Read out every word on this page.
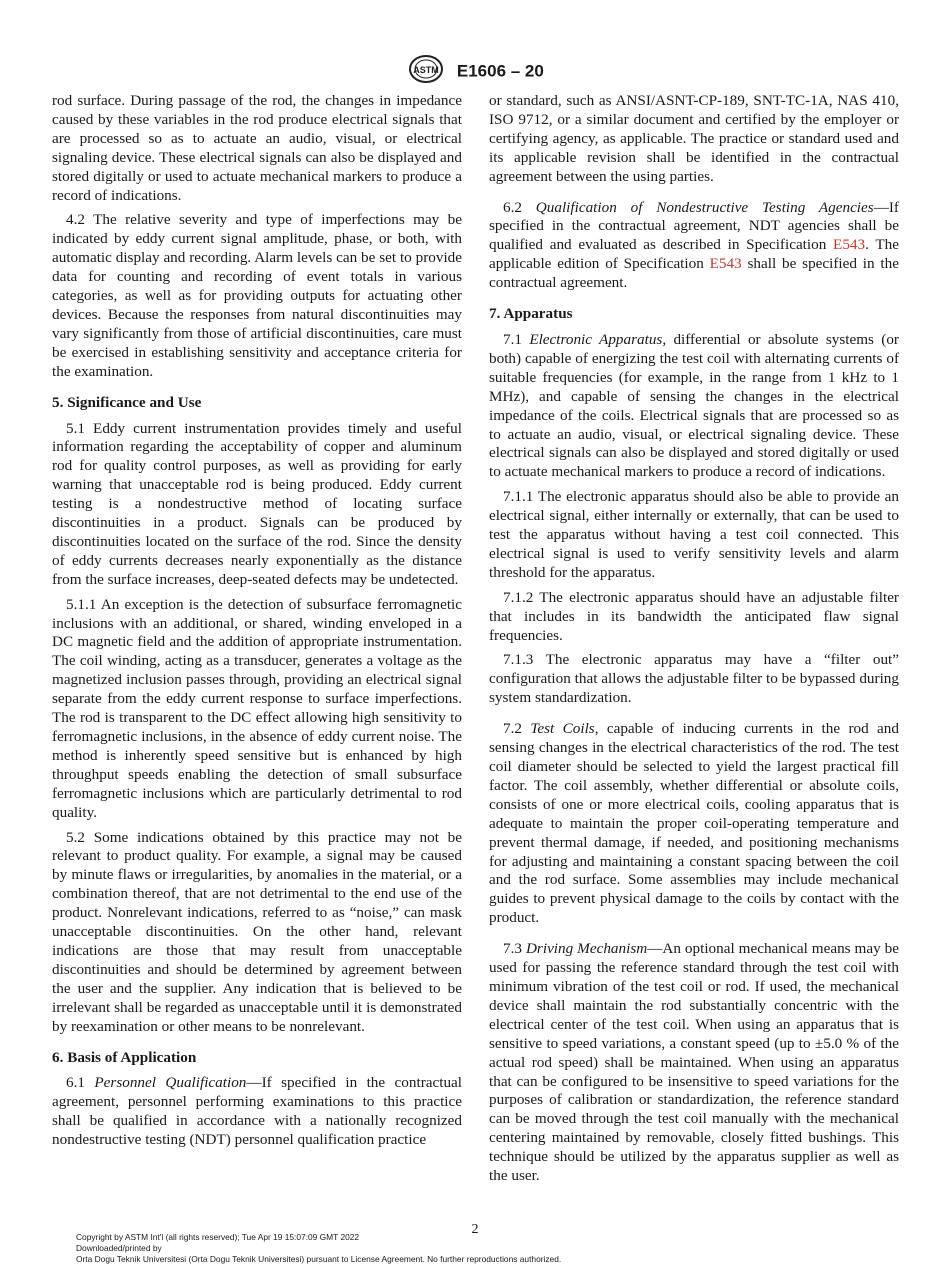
ASTM E1606 – 20

rod surface. During passage of the rod, the changes in impedance caused by these variables in the rod produce electrical signals that are processed so as to actuate an audio, visual, or electrical signaling device. These electrical signals can also be displayed and stored digitally or used to actuate mechanical markers to produce a record of indications.

4.2 The relative severity and type of imperfections may be indicated by eddy current signal amplitude, phase, or both, with automatic display and recording. Alarm levels can be set to provide data for counting and recording of event totals in various categories, as well as for providing outputs for actuating other devices. Because the responses from natural discontinuities may vary significantly from those of artificial discontinuities, care must be exercised in establishing sensitivity and acceptance criteria for the examination.

5. Significance and Use

5.1 Eddy current instrumentation provides timely and useful information regarding the acceptability of copper and aluminum rod for quality control purposes, as well as providing for early warning that unacceptable rod is being produced. Eddy current testing is a nondestructive method of locating surface discontinuities in a product. Signals can be produced by discontinuities located on the surface of the rod. Since the density of eddy currents decreases nearly exponentially as the distance from the surface increases, deep-seated defects may be undetected.

5.1.1 An exception is the detection of subsurface ferromagnetic inclusions with an additional, or shared, winding enveloped in a DC magnetic field and the addition of appropriate instrumentation. The coil winding, acting as a transducer, generates a voltage as the magnetized inclusion passes through, providing an electrical signal separate from the eddy current response to surface imperfections. The rod is transparent to the DC effect allowing high sensitivity to ferromagnetic inclusions, in the absence of eddy current noise. The method is inherently speed sensitive but is enhanced by high throughput speeds enabling the detection of small subsurface ferromagnetic inclusions which are particularly detrimental to rod quality.

5.2 Some indications obtained by this practice may not be relevant to product quality. For example, a signal may be caused by minute flaws or irregularities, by anomalies in the material, or a combination thereof, that are not detrimental to the end use of the product. Nonrelevant indications, referred to as “noise,” can mask unacceptable discontinuities. On the other hand, relevant indications are those that may result from unacceptable discontinuities and should be determined by agreement between the user and the supplier. Any indication that is believed to be irrelevant shall be regarded as unacceptable until it is demonstrated by reexamination or other means to be nonrelevant.

6. Basis of Application

6.1 Personnel Qualification—If specified in the contractual agreement, personnel performing examinations to this practice shall be qualified in accordance with a nationally recognized nondestructive testing (NDT) personnel qualification practice

or standard, such as ANSI/ASNT-CP-189, SNT-TC-1A, NAS 410, ISO 9712, or a similar document and certified by the employer or certifying agency, as applicable. The practice or standard used and its applicable revision shall be identified in the contractual agreement between the using parties.

6.2 Qualification of Nondestructive Testing Agencies—If specified in the contractual agreement, NDT agencies shall be qualified and evaluated as described in Specification E543. The applicable edition of Specification E543 shall be specified in the contractual agreement.

7. Apparatus

7.1 Electronic Apparatus, differential or absolute systems (or both) capable of energizing the test coil with alternating currents of suitable frequencies (for example, in the range from 1 kHz to 1 MHz), and capable of sensing the changes in the electrical impedance of the coils. Electrical signals that are processed so as to actuate an audio, visual, or electrical signaling device. These electrical signals can also be displayed and stored digitally or used to actuate mechanical markers to produce a record of indications.

7.1.1 The electronic apparatus should also be able to provide an electrical signal, either internally or externally, that can be used to test the apparatus without having a test coil connected. This electrical signal is used to verify sensitivity levels and alarm threshold for the apparatus.

7.1.2 The electronic apparatus should have an adjustable filter that includes in its bandwidth the anticipated flaw signal frequencies.

7.1.3 The electronic apparatus may have a “filter out” configuration that allows the adjustable filter to be bypassed during system standardization.

7.2 Test Coils, capable of inducing currents in the rod and sensing changes in the electrical characteristics of the rod. The test coil diameter should be selected to yield the largest practical fill factor. The coil assembly, whether differential or absolute coils, consists of one or more electrical coils, cooling apparatus that is adequate to maintain the proper coil-operating temperature and prevent thermal damage, if needed, and positioning mechanisms for adjusting and maintaining a constant spacing between the coil and the rod surface. Some assemblies may include mechanical guides to prevent physical damage to the coils by contact with the product.

7.3 Driving Mechanism—An optional mechanical means may be used for passing the reference standard through the test coil with minimum vibration of the test coil or rod. If used, the mechanical device shall maintain the rod substantially concentric with the electrical center of the test coil. When using an apparatus that is sensitive to speed variations, a constant speed (up to ±5.0 % of the actual rod speed) shall be maintained. When using an apparatus that can be configured to be insensitive to speed variations for the purposes of calibration or standardization, the reference standard can be moved through the test coil manually with the mechanical centering maintained by removable, closely fitted bushings. This technique should be utilized by the apparatus supplier as well as the user.

2
Copyright by ASTM Int'l (all rights reserved); Tue Apr 19 15:07:09 GMT 2022
Downloaded/printed by
Orta Dogu Teknik Universitesi (Orta Dogu Teknik Universitesi) pursuant to License Agreement. No further reproductions authorized.
